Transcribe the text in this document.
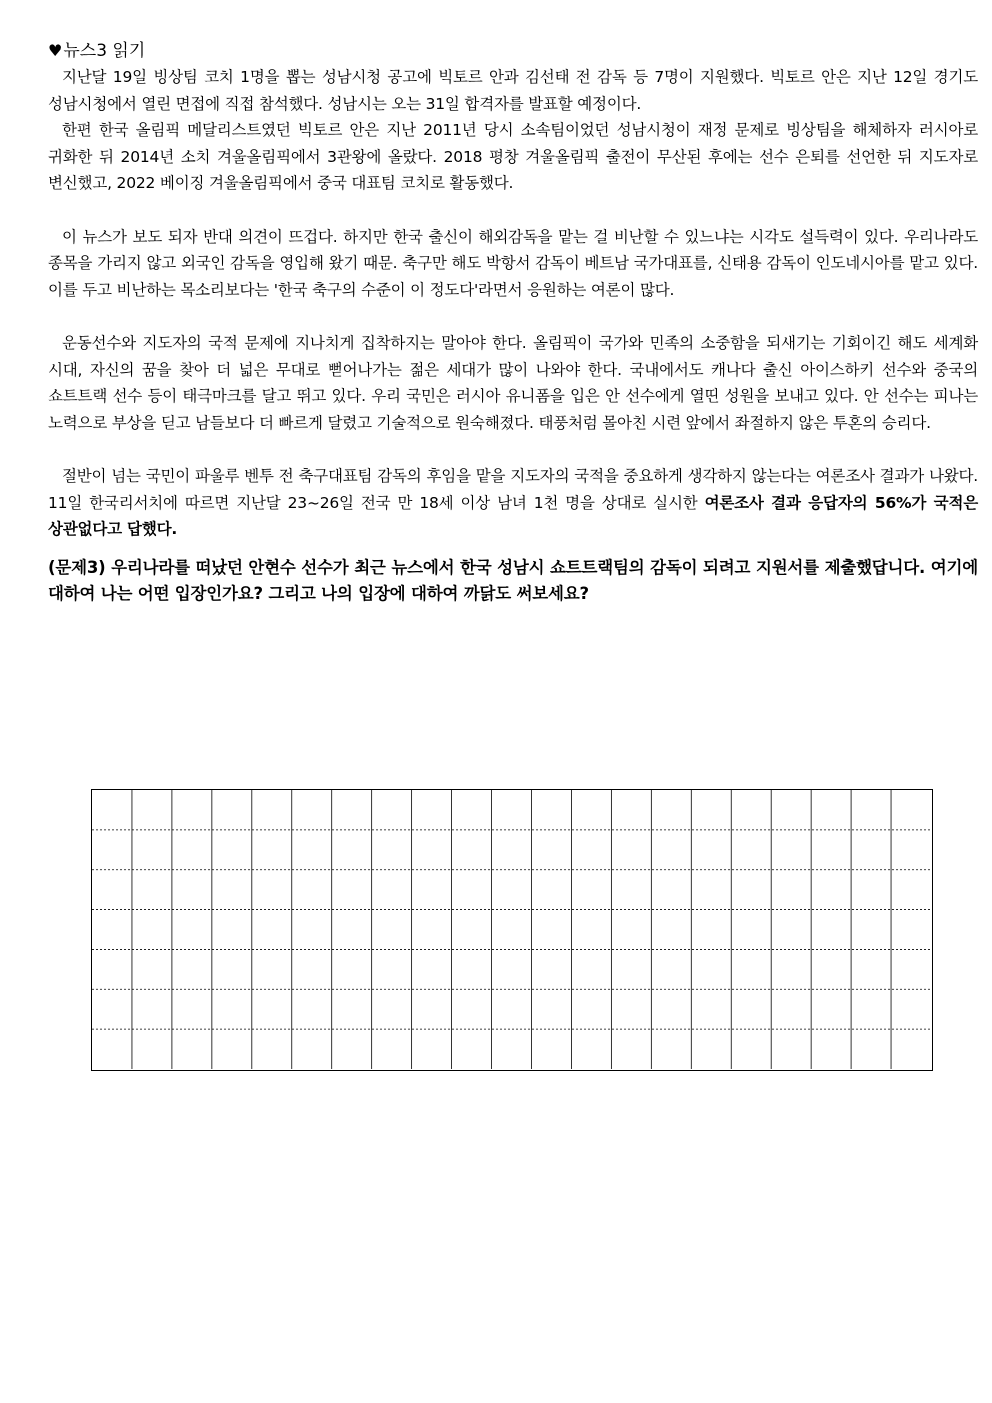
♥뉴스3 읽기

지난달 19일 빙상팀 코치 1명을 뽑는 성남시청 공고에 빅토르 안과 김선태 전 감독 등 7명이 지원했다. 빅토르 안은 지난 12일 경기도 성남시청에서 열린 면접에 직접 참석했다. 성남시는 오는 31일 합격자를 발표할 예정이다.

한편 한국 올림픽 메달리스트였던 빅토르 안은 지난 2011년 당시 소속팀이었던 성남시청이 재정 문제로 빙상팀을 해체하자 러시아로 귀화한 뒤 2014년 소치 겨울올림픽에서 3관왕에 올랐다. 2018 평창 겨울올림픽 출전이 무산된 후에는 선수 은퇴를 선언한 뒤 지도자로 변신했고, 2022 베이징 겨울올림픽에서 중국 대표팀 코치로 활동했다.

이 뉴스가 보도 되자 반대 의견이 뜨겁다. 하지만 한국 출신이 해외감독을 맡는 걸 비난할 수 있느냐는 시각도 설득력이 있다. 우리나라도 종목을 가리지 않고 외국인 감독을 영입해 왔기 때문. 축구만 해도 박항서 감독이 베트남 국가대표를, 신태용 감독이 인도네시아를 맡고 있다. 이를 두고 비난하는 목소리보다는 '한국 축구의 수준이 이 정도다'라면서 응원하는 여론이 많다.

운동선수와 지도자의 국적 문제에 지나치게 집착하지는 말아야 한다. 올림픽이 국가와 민족의 소중함을 되새기는 기회이긴 해도 세계화 시대, 자신의 꿈을 찾아 더 넓은 무대로 뻗어나가는 젊은 세대가 많이 나와야 한다. 국내에서도 캐나다 출신 아이스하키 선수와 중국의 쇼트트랙 선수 등이 태극마크를 달고 뛰고 있다. 우리 국민은 러시아 유니폼을 입은 안 선수에게 열띤 성원을 보내고 있다. 안 선수는 피나는 노력으로 부상을 딛고 남들보다 더 빠르게 달렸고 기술적으로 원숙해졌다. 태풍처럼 몰아친 시련 앞에서 좌절하지 않은 투혼의 승리다.

절반이 넘는 국민이 파울루 벤투 전 축구대표팀 감독의 후임을 맡을 지도자의 국적을 중요하게 생각하지 않는다는 여론조사 결과가 나왔다. 11일 한국리서치에 따르면 지난달 23~26일 전국 만 18세 이상 남녀 1천 명을 상대로 실시한 여론조사 결과 응답자의 56%가 국적은 상관없다고 답했다.

(문제3) 우리나라를 떠났던 안현수 선수가 최근 뉴스에서 한국 성남시 쇼트트랙팀의 감독이 되려고 지원서를 제출했답니다. 여기에 대하여 나는 어떤 입장인가요? 그리고 나의 입장에 대하여 까닭도 써보세요?
